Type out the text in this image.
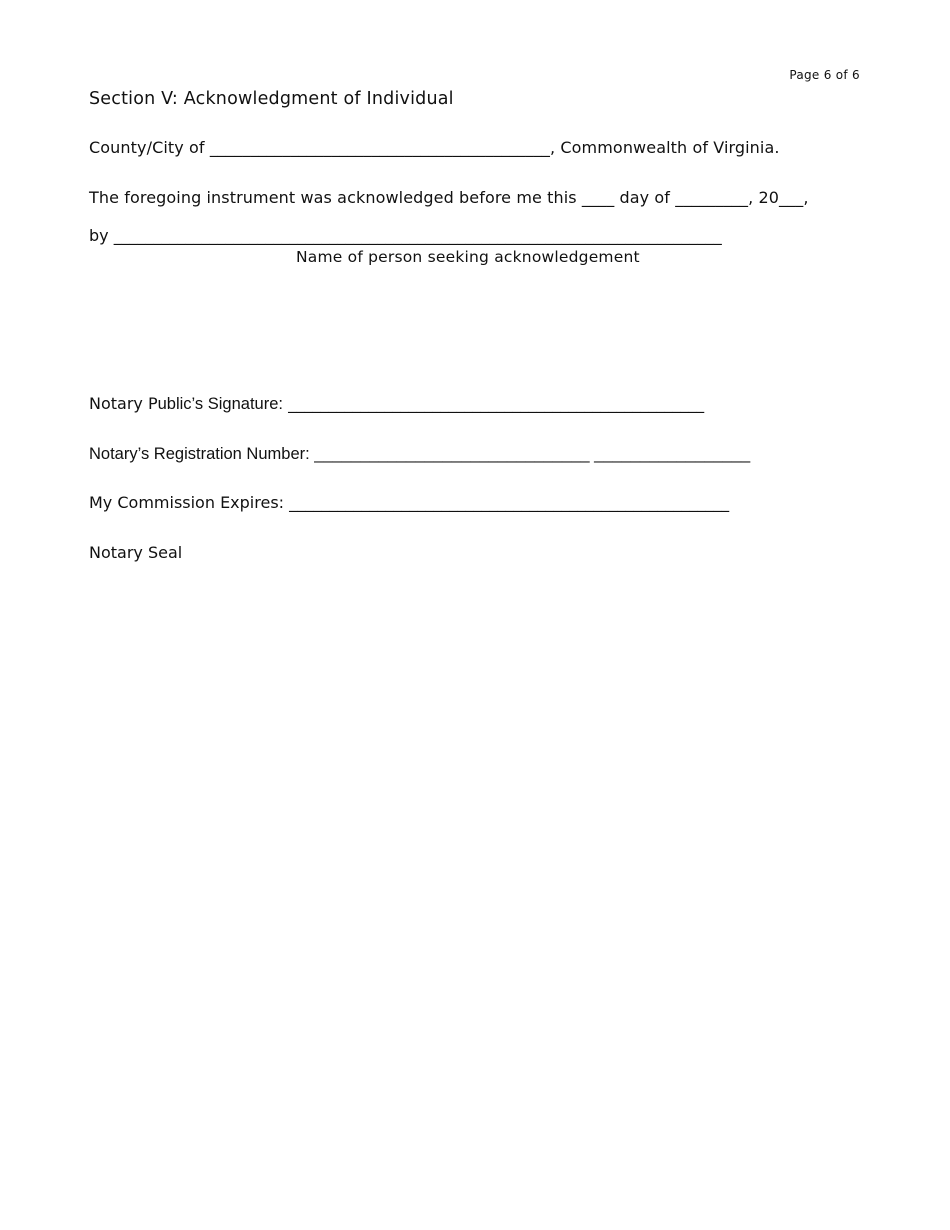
Page 6 of 6
Section V: Acknowledgment of Individual
County/City of __________________________________________, Commonwealth of Virginia.
The foregoing instrument was acknowledged before me this ____ day of _________, 20___,
by ____________________________________________________________________________
Name of person seeking acknowledgement
Notary Public’s Signature: ____________________________________________________
Notary’s Registration Number: ______________________________ _________________
My Commission Expires: _______________________________________________________
Notary Seal
